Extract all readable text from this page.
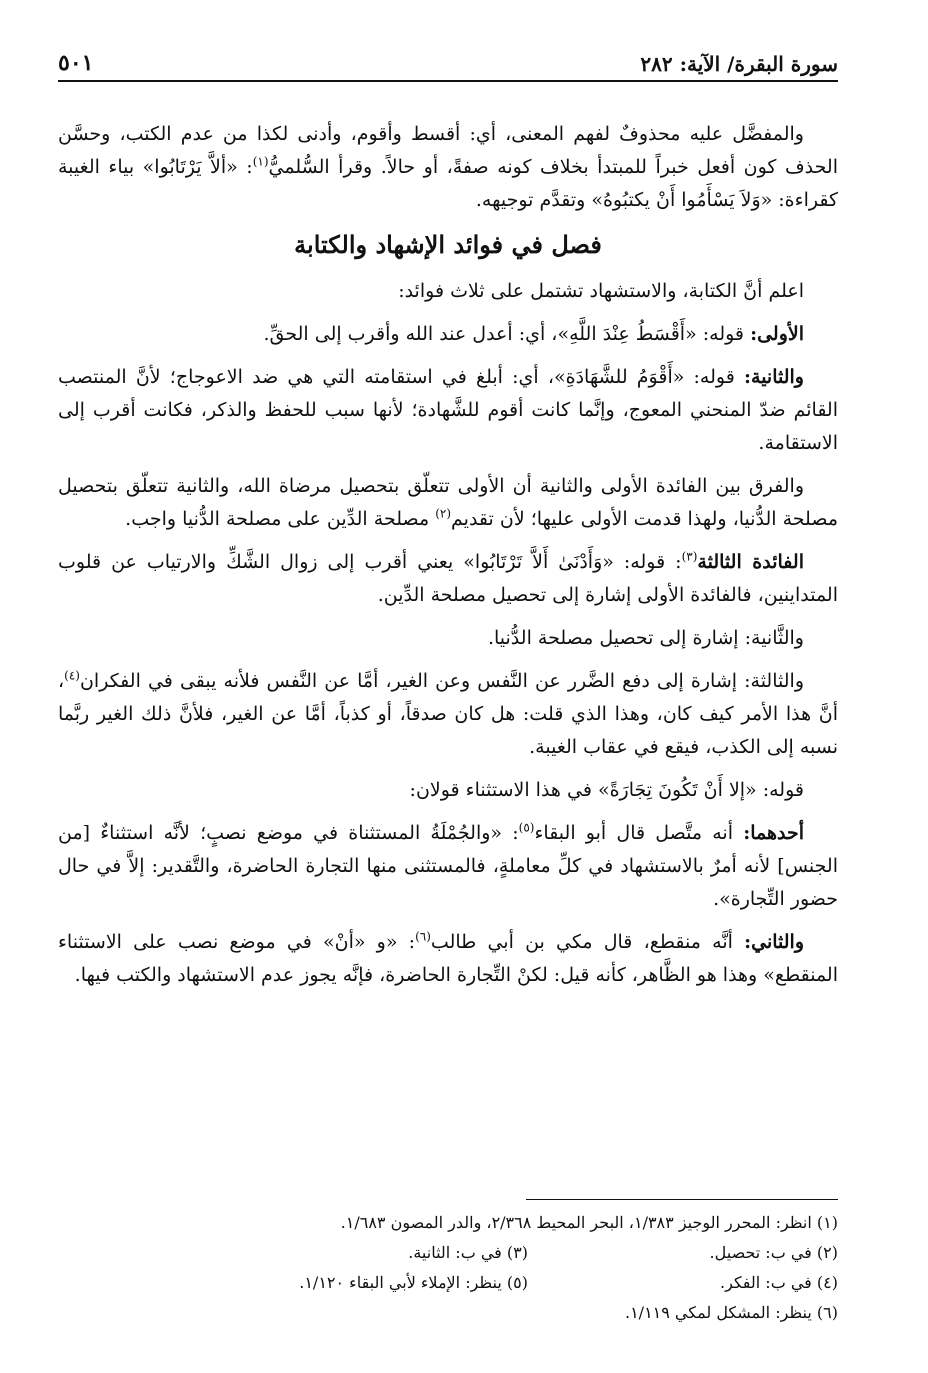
سورة البقرة/ الآية: ٢٨٢
٥٠١

والمفضَّل عليه محذوفٌ لفهم المعنى، أي: أقسط وأقوم، وأدنى لكذا من عدم الكتب، وحسَّن الحذف كون أفعل خبراً للمبتدأ بخلاف كونه صفةً، أو حالاً. وقرأ السُّلميُّ$^{(١)}$: «ألاَّ يَرْتَابُوا» بياء الغيبة كقراءة: «وَلاَ يَسْأَمُوا أَنْ يكتبُوهُ» وتقدَّم توجيهه.

فصل في فوائد الإشهاد والكتابة

اعلم أنَّ الكتابة، والاستشهاد تشتمل على ثلاث فوائد:

الأولى: قوله: «أَقْسَطُ عِنْدَ اللَّهِ»، أي: أعدل عند الله وأقرب إلى الحقِّ.

والثانية: قوله: «أَقْوَمُ للشَّهَادَةِ»، أي: أبلغ في استقامته التي هي ضد الاعوجاج؛ لأنَّ المنتصب القائم ضدّ المنحني المعوج، وإنَّما كانت أقوم للشَّهادة؛ لأنها سبب للحفظ والذكر، فكانت أقرب إلى الاستقامة.

والفرق بين الفائدة الأولى والثانية أن الأولى تتعلّق بتحصيل مرضاة الله، والثانية تتعلّق بتحصيل مصلحة الدُّنيا، ولهذا قدمت الأولى عليها؛ لأن تقديم$^{(٢)}$ مصلحة الدِّين على مصلحة الدُّنيا واجب.

الفائدة الثالثة$^{(٣)}$: قوله: «وَأَدْنَىٰ أَلاَّ تَرْتَابُوا» يعني أقرب إلى زوال الشَّكِّ والارتياب عن قلوب المتداينين، فالفائدة الأولى إشارة إلى تحصيل مصلحة الدِّين.

والثَّانية: إشارة إلى تحصيل مصلحة الدُّنيا.

والثالثة: إشارة إلى دفع الضَّرر عن النَّفس وعن الغير، أمَّا عن النَّفس فلأنه يبقى في الفكران$^{(٤)}$، أنَّ هذا الأمر كيف كان، وهذا الذي قلت: هل كان صدقاً، أو كذباً، أمَّا عن الغير، فلأنَّ ذلك الغير ربَّما نسبه إلى الكذب، فيقع في عقاب الغيبة.

قوله: «إلا أَنْ تَكُونَ تِجَارَةً» في هذا الاستثناء قولان:

أحدهما: أنه متَّصل قال أبو البقاء$^{(٥)}$: «والجُمْلَةُ المستثناة في موضع نصبٍ؛ لأنَّه استثناءٌ [من الجنس] لأنه أمرٌ بالاستشهاد في كلِّ معاملةٍ، فالمستثنى منها التجارة الحاضرة، والتَّقدير: إلاَّ في حال حضور التِّجارة».

والثاني: أنَّه منقطع، قال مكي بن أبي طالب$^{(٦)}$: «و «أنْ» في موضع نصب على الاستثناء المنقطع» وهذا هو الظَّاهر، كأنه قيل: لكنْ التِّجارة الحاضرة، فإنَّه يجوز عدم الاستشهاد والكتب فيها.

(١) انظر: المحرر الوجيز ١/٣٨٣، البحر المحيط ٢/٣٦٨، والدر المصون ١/٦٨٣.
(٢) في ب: تحصيل.
(٣) في ب: الثانية.
(٤) في ب: الفكر.
(٥) ينظر: الإملاء لأبي البقاء ١/١٢٠.
(٦) ينظر: المشكل لمكي ١/١١٩.
